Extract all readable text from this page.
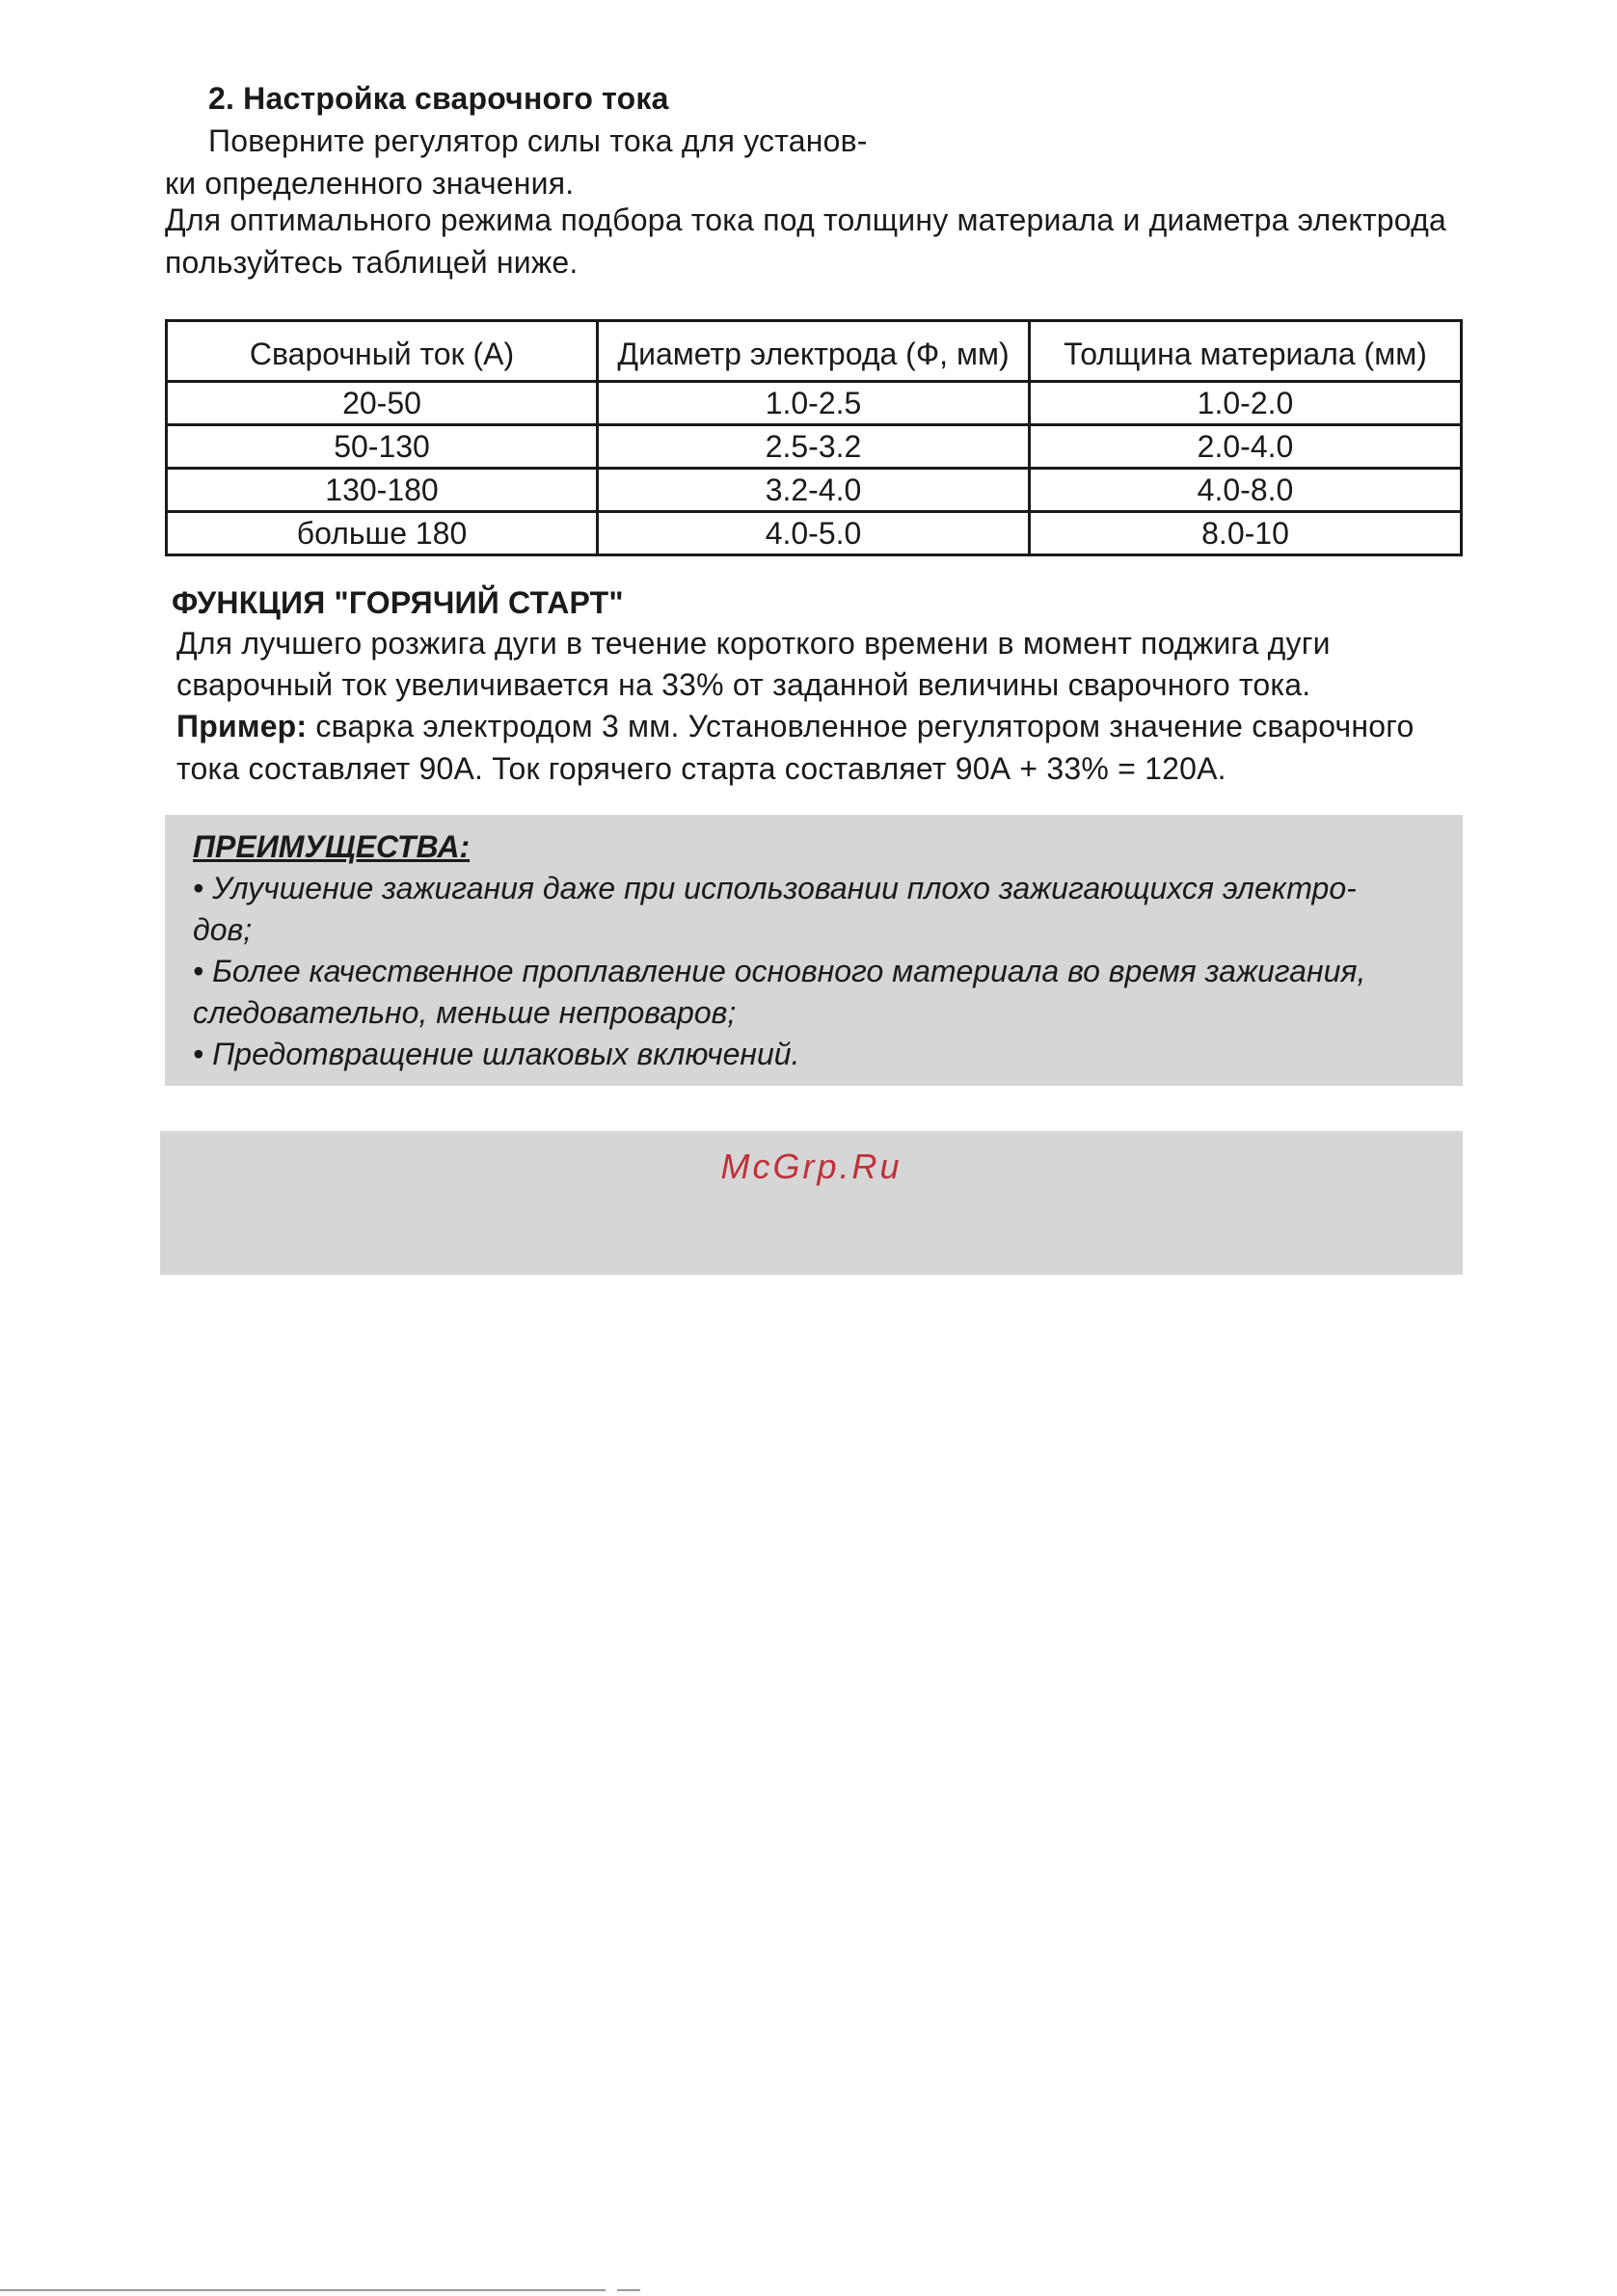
2. Настройка сварочного тока
Поверните регулятор силы тока для установ-
ки определенного значения.
Для оптимального режима подбора тока под толщину материала и диаметра электрода
пользуйтесь таблицей ниже.
Сварочный ток (А)	Диаметр электрода (Ф, мм)	Толщина материала (мм)
20-50	1.0-2.5	1.0-2.0
50-130	2.5-3.2	2.0-4.0
130-180	3.2-4.0	4.0-8.0
больше 180	4.0-5.0	8.0-10
ФУНКЦИЯ "ГОРЯЧИЙ СТАРТ"
Для лучшего розжига дуги в течение короткого времени в момент поджига дуги
сварочный ток увеличивается на 33% от заданной величины сварочного тока.
Пример: сварка электродом 3 мм. Установленное регулятором значение сварочного
тока составляет 90А. Ток горячего старта составляет 90А + 33% = 120А.
ПРЕИМУЩЕСТВА:
• Улучшение зажигания даже при использовании плохо зажигающихся электро-
дов;
• Более качественное проплавление основного материала во время зажигания,
следовательно, меньше непроваров;
• Предотвращение шлаковых включений.
McGrp.Ru
